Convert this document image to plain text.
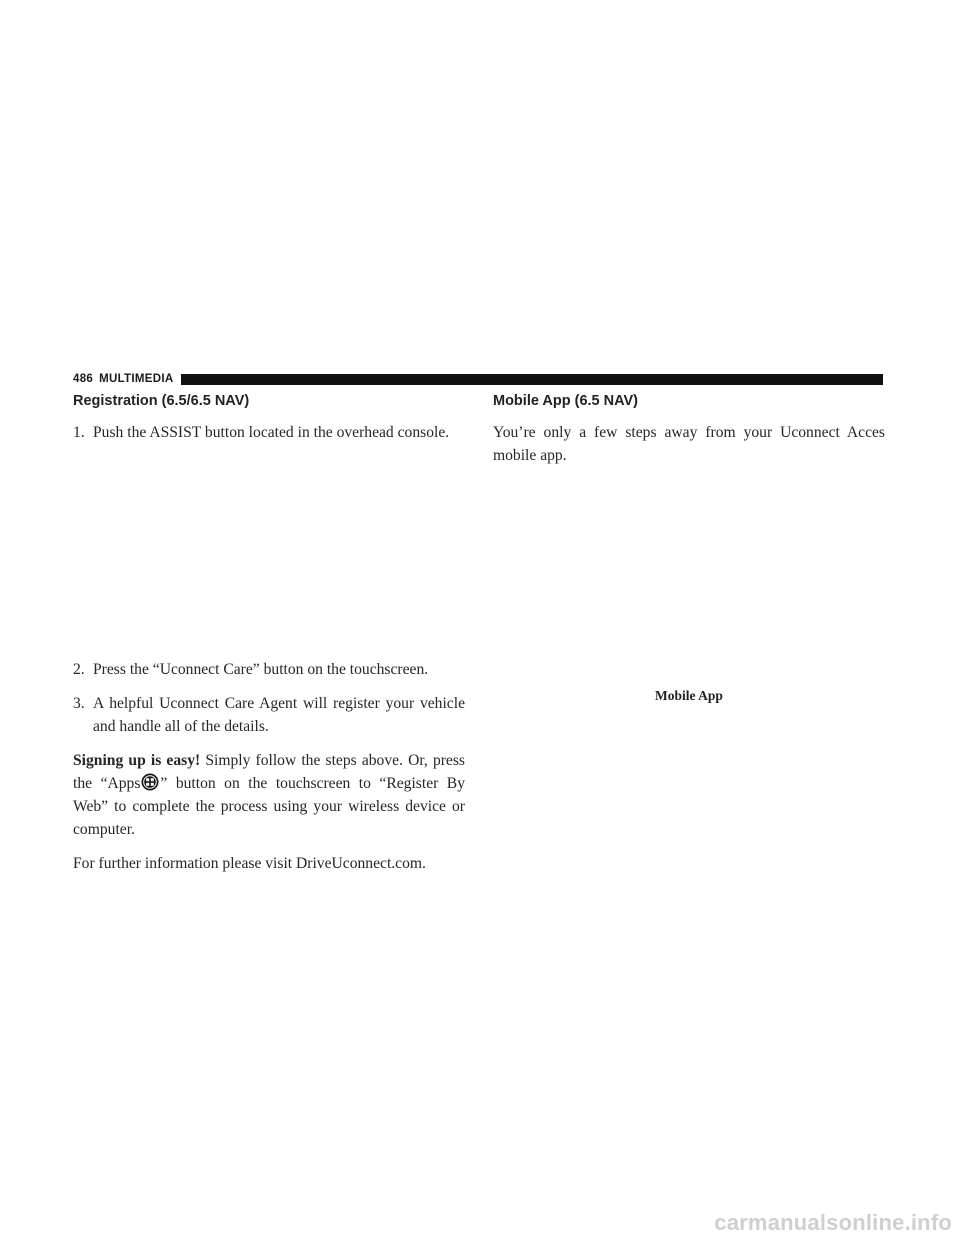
486 MULTIMEDIA
Registration (6.5/6.5 NAV)
1. Push the ASSIST button located in the overhead console.
2. Press the “Uconnect Care” button on the touchscreen.
3. A helpful Uconnect Care Agent will register your vehicle and handle all of the details.

Signing up is easy! Simply follow the steps above. Or, press the “Apps ” button on the touchscreen to “Register By Web” to complete the process using your wireless device or computer.

For further information please visit DriveUconnect.com.

Mobile App (6.5 NAV)

You’re only a few steps away from your Uconnect Acces mobile app.

Mobile App
carmanualsonline.info
